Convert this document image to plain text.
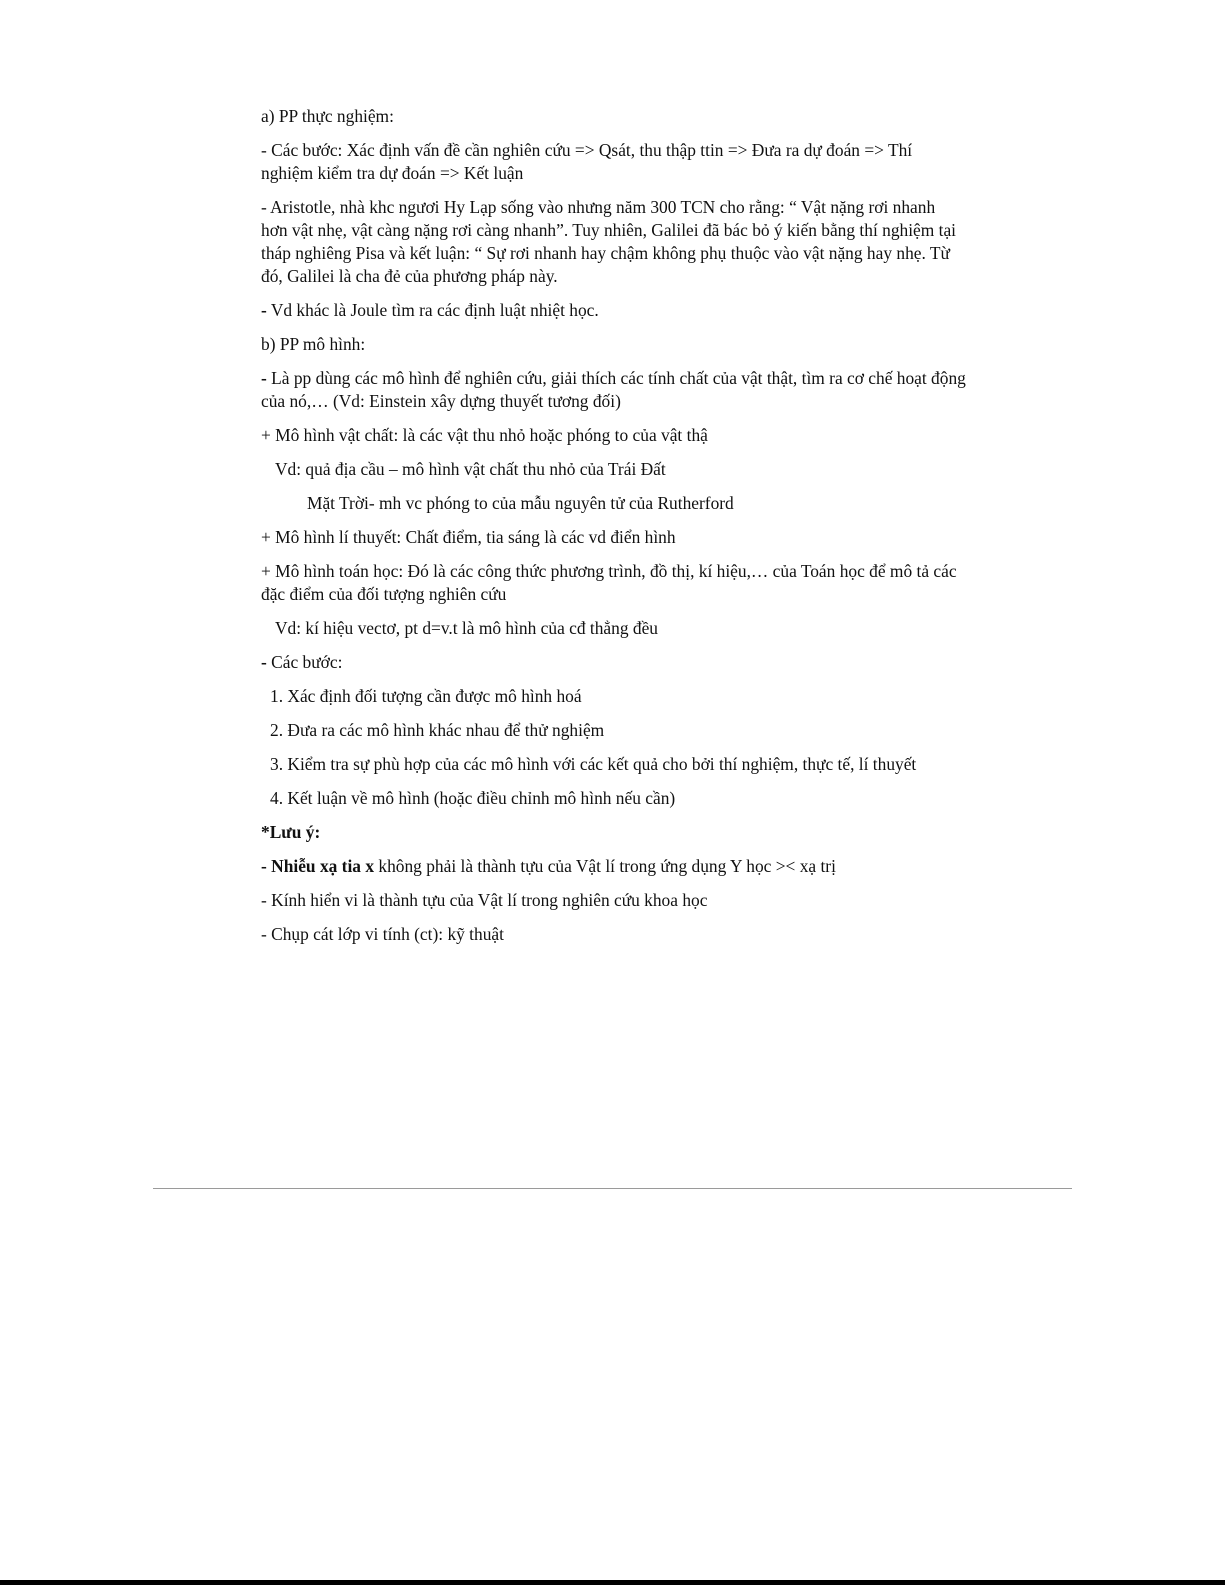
a) PP thực nghiệm:

- Các bước: Xác định vấn đề cần nghiên cứu => Qsát, thu thập ttin => Đưa ra dự đoán => Thí nghiệm kiểm tra dự đoán => Kết luận

- Aristotle, nhà khc ngươi Hy Lạp sống vào nhưng năm 300 TCN cho rằng: “ Vật nặng rơi nhanh hơn vật nhẹ, vật càng nặng rơi càng nhanh”. Tuy nhiên, Galilei đã bác bỏ ý kiến bằng thí nghiệm tại tháp nghiêng Pisa và kết luận: “ Sự rơi nhanh hay chậm không phụ thuộc vào vật nặng hay nhẹ. Từ đó, Galilei là cha đẻ của phương pháp này.

- Vd khác là Joule tìm ra các định luật nhiệt học.

b) PP mô hình:

- Là pp dùng các mô hình để nghiên cứu, giải thích các tính chất của vật thật, tìm ra cơ chế hoạt động của nó,… (Vd: Einstein xây dựng thuyết tương đối)

+ Mô hình vật chất: là các vật thu nhỏ hoặc phóng to của vật thậ

Vd: quả địa cầu – mô hình vật chất thu nhỏ của Trái Đất

Mặt Trời- mh vc phóng to của mẫu nguyên tử của Rutherford

+ Mô hình lí thuyết: Chất điểm, tia sáng là các vd điển hình

+ Mô hình toán học: Đó là các công thức phương trình, đồ thị, kí hiệu,… của Toán học để mô tả các đặc điểm của đối tượng nghiên cứu

Vd: kí hiệu vectơ, pt d=v.t là mô hình của cđ thẳng đều

- Các bước:

1. Xác định đối tượng cần được mô hình hoá

2. Đưa ra các mô hình khác nhau để thử nghiệm

3. Kiểm tra sự phù hợp của các mô hình với các kết quả cho bởi thí nghiệm, thực tế, lí thuyết

4. Kết luận về mô hình (hoặc điều chỉnh mô hình nếu cần)

*Lưu ý:

- Nhiễu xạ tia x không phải là thành tựu của Vật lí trong ứng dụng Y học >< xạ trị

- Kính hiển vi là thành tựu của Vật lí trong nghiên cứu khoa học

- Chụp cát lớp vi tính (ct): kỹ thuật
